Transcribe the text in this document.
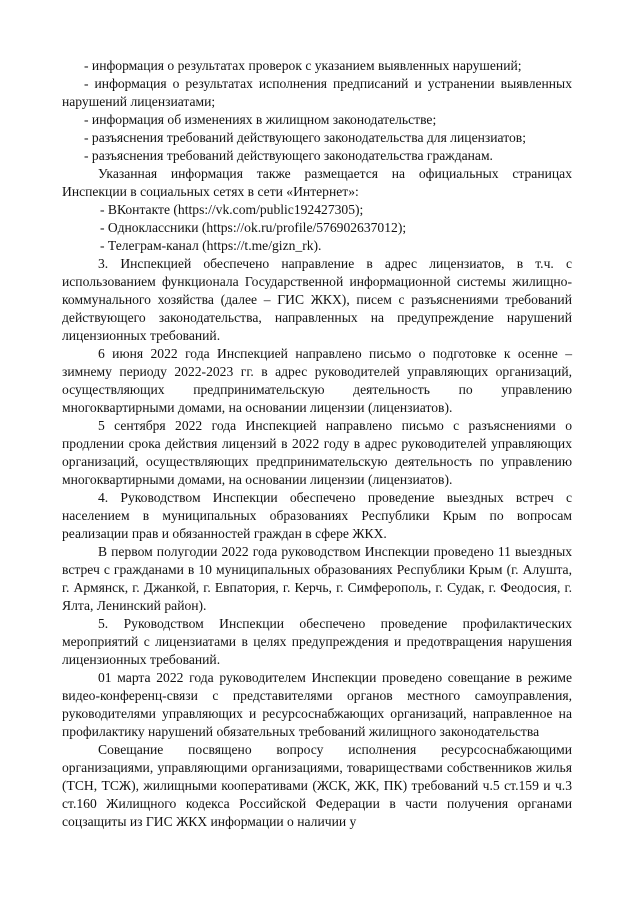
- информация о результатах проверок с указанием выявленных нарушений;

- информация о результатах исполнения предписаний и устранении выявленных нарушений лицензиатами;

- информация об изменениях в жилищном законодательстве;

- разъяснения требований действующего законодательства для лицензиатов;

- разъяснения требований действующего законодательства гражданам.

Указанная информация также размещается на официальных страницах Инспекции в социальных сетях в сети «Интернет»:

- ВКонтакте (https://vk.com/public192427305);

- Одноклассники (https://ok.ru/profile/576902637012);

- Телеграм-канал (https://t.me/gizn_rk).

3. Инспекцией обеспечено направление в адрес лицензиатов, в т.ч. с использованием функционала Государственной информационной системы жилищно-коммунального хозяйства (далее – ГИС ЖКХ), писем с разъяснениями требований действующего законодательства, направленных на предупреждение нарушений лицензионных требований.

6 июня 2022 года Инспекцией направлено письмо о подготовке к осенне – зимнему периоду 2022-2023 гг. в адрес руководителей управляющих организаций, осуществляющих предпринимательскую деятельность по управлению многоквартирными домами, на основании лицензии (лицензиатов).

5 сентября 2022 года Инспекцией направлено письмо с разъяснениями о продлении срока действия лицензий в 2022 году в адрес руководителей управляющих организаций, осуществляющих предпринимательскую деятельность по управлению многоквартирными домами, на основании лицензии (лицензиатов).

4. Руководством Инспекции обеспечено проведение выездных встреч с населением в муниципальных образованиях Республики Крым по вопросам реализации прав и обязанностей граждан в сфере ЖКХ.

В первом полугодии 2022 года руководством Инспекции проведено 11 выездных встреч с гражданами в 10 муниципальных образованиях Республики Крым (г. Алушта, г. Армянск, г. Джанкой, г. Евпатория, г. Керчь, г. Симферополь, г. Судак, г. Феодосия, г. Ялта, Ленинский район).

5. Руководством Инспекции обеспечено проведение профилактических мероприятий с лицензиатами в целях предупреждения и предотвращения нарушения лицензионных требований.

01 марта 2022 года руководителем Инспекции проведено совещание в режиме видео-конференц-связи с представителями органов местного самоуправления, руководителями управляющих и ресурсоснабжающих организаций, направленное на профилактику нарушений обязательных требований жилищного законодательства

Совещание посвящено вопросу исполнения ресурсоснабжающими организациями, управляющими организациями, товариществами собственников жилья (ТСН, ТСЖ), жилищными кооперативами (ЖСК, ЖК, ПК) требований ч.5 ст.159 и ч.3 ст.160 Жилищного кодекса Российской Федерации в части получения органами соцзащиты из ГИС ЖКХ информации о наличии у
